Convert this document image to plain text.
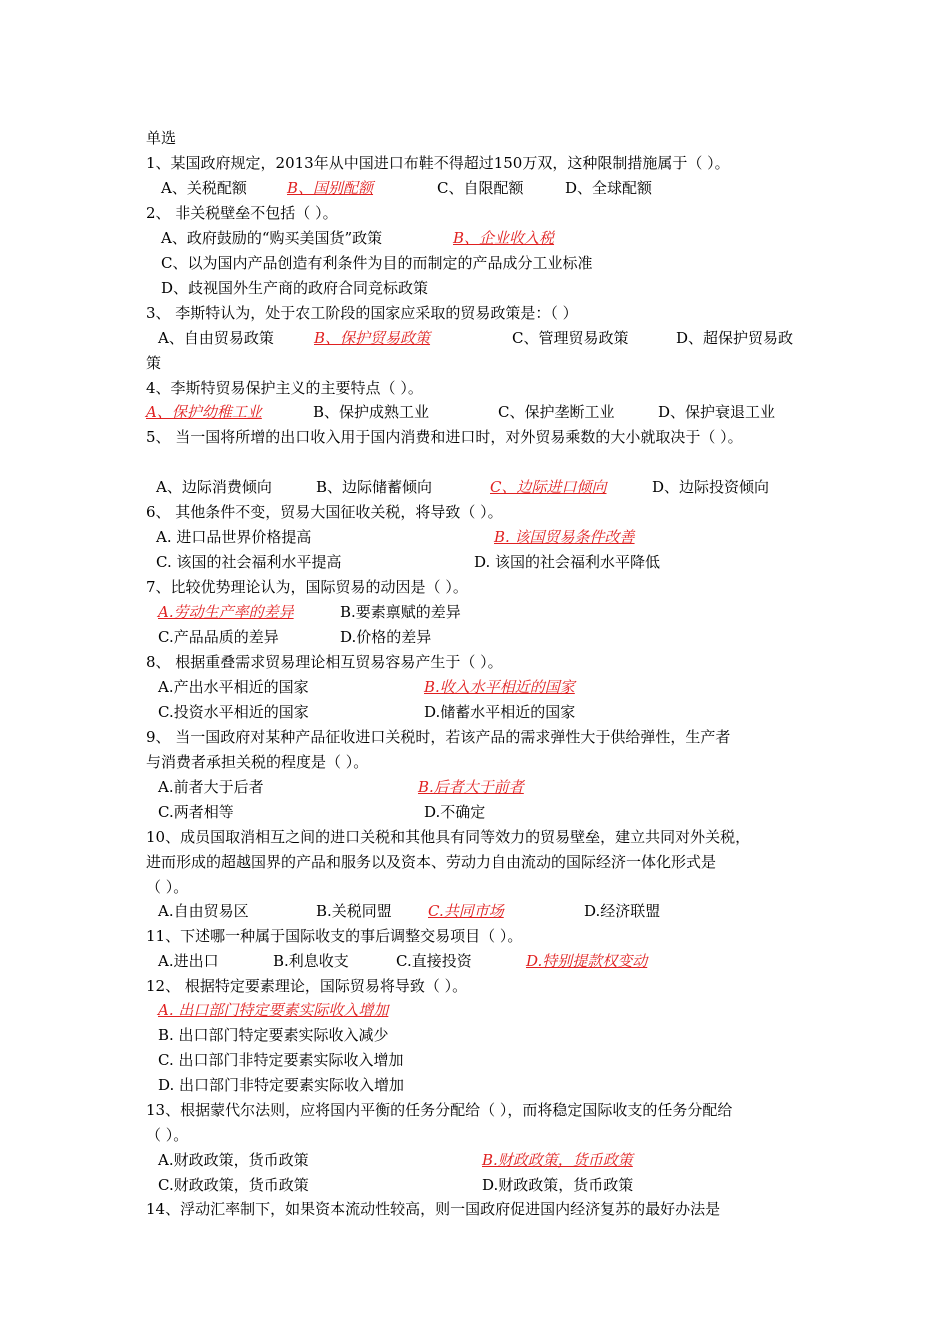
单选
1、某国政府规定，2013年从中国进口布鞋不得超过150万双，这种限制措施属于（ ）。
A、关税配额	B、国别配额	C、自限配额	D、全球配额
2、 非关税壁垒不包括（ ）。
A、政府鼓励的“购买美国货”政策	B、企业收入税
C、以为国内产品创造有利条件为目的而制定的产品成分工业标准
D、歧视国外生产商的政府合同竞标政策
3、 李斯特认为，处于农工阶段的国家应采取的贸易政策是：（ ）
A、自由贸易政策	B、保护贸易政策	C、管理贸易政策	D、超保护贸易政
策
4、李斯特贸易保护主义的主要特点（ ）。
A、保护幼稚工业	B、保护成熟工业	C、保护垄断工业	D、保护衰退工业
5、 当一国将所增的出口收入用于国内消费和进口时，对外贸易乘数的大小就取决于（ ）。
A、边际消费倾向	B、边际储蓄倾向	C、边际进口倾向	D、边际投资倾向
6、 其他条件不变，贸易大国征收关税，将导致（ ）。
A. 进口品世界价格提高	B. 该国贸易条件改善
C. 该国的社会福利水平提高	D. 该国的社会福利水平降低
7、比较优势理论认为，国际贸易的动因是（ ）。
A.劳动生产率的差异	B.要素禀赋的差异
C.产品品质的差异	D.价格的差异
8、 根据重叠需求贸易理论相互贸易容易产生于（ ）。
A.产出水平相近的国家	B.收入水平相近的国家
C.投资水平相近的国家	D.储蓄水平相近的国家
9、 当一国政府对某种产品征收进口关税时，若该产品的需求弹性大于供给弹性，生产者
与消费者承担关税的程度是（ ）。
A.前者大于后者	B.后者大于前者
C.两者相等	D.不确定
10、成员国取消相互之间的进口关税和其他具有同等效力的贸易壁垒，建立共同对外关税，
进而形成的超越国界的产品和服务以及资本、劳动力自由流动的国际经济一体化形式是
（ ）。
A.自由贸易区	B.关税同盟	C.共同市场	D.经济联盟
11、下述哪一种属于国际收支的事后调整交易项目（ ）。
A.进出口	B.利息收支	C.直接投资	D.特别提款权变动
12、 根据特定要素理论，国际贸易将导致（ ）。
A. 出口部门特定要素实际收入增加
B. 出口部门特定要素实际收入减少
C. 出口部门非特定要素实际收入增加
D. 出口部门非特定要素实际收入增加
13、根据蒙代尔法则，应将国内平衡的任务分配给（ ），而将稳定国际收支的任务分配给
（ ）。
A.财政政策，货币政策	B.财政政策，货币政策
C.财政政策，货币政策	D.财政政策，货币政策
14、浮动汇率制下，如果资本流动性较高，则一国政府促进国内经济复苏的最好办法是
